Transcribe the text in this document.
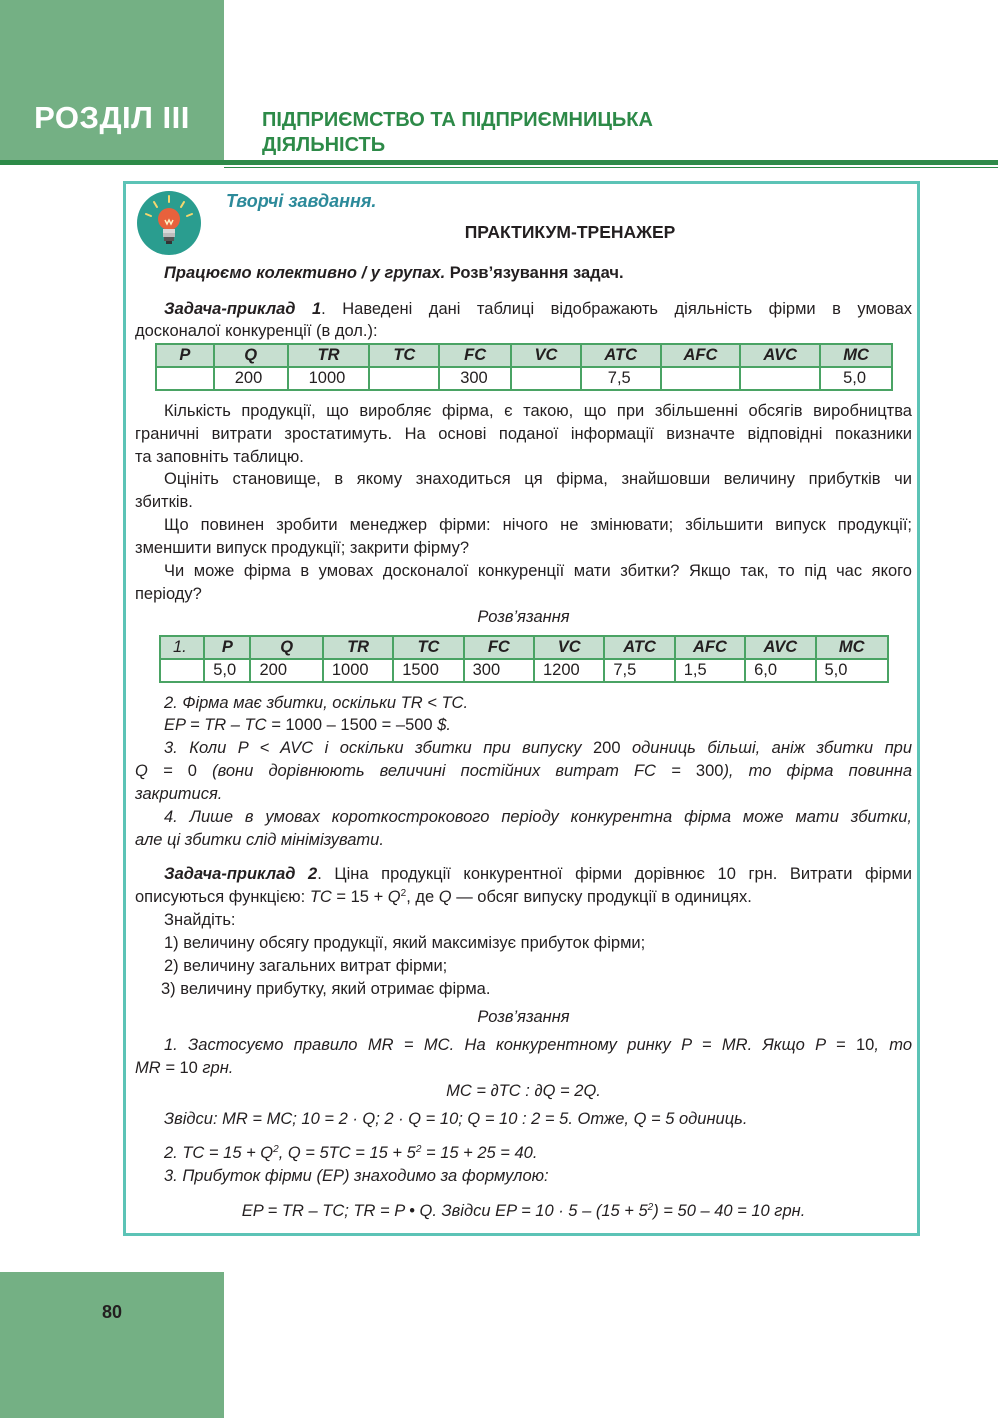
РОЗДІЛ III	ПІДПРИЄМСТВО ТА ПІДПРИЄМНИЦЬКА
ДІЯЛЬНІСТЬ
Творчі завдання.
ПРАКТИКУМ-ТРЕНАЖЕР

Працюємо колективно / у групах. Розв’язування задач.

Задача-приклад 1. Наведені дані таблиці відображають діяльність фірми в умовах

досконалої конкуренції (в дол.):

P	Q	TR	TC	FC	VC	ATC	AFC	AVC	MC
	200	1000		300		7,5			5,0

Кількість продукції, що виробляє фірма, є такою, що при збільшенні обсягів виробництва

граничні витрати зростатимуть. На основі поданої інформації визначте відповідні показники

та заповніть таблицю.

Оцініть становище, в якому знаходиться ця фірма, знайшовши величину прибутків чи

збитків.

Що повинен зробити менеджер фірми: нічого не змінювати; збільшити випуск продукції;

зменшити випуск продукції; закрити фірму?

Чи може фірма в умовах досконалої конкуренції мати збитки? Якщо так, то під час якого

періоду?

Розв’язання

1.	P	Q	TR	TC	FC	VC	ATC	AFC	AVC	MC
	5,0	200	1000	1500	300	1200	7,5	1,5	6,0	5,0

2. Фірма має збитки, оскільки TR < TC.

EP = TR – TC = 1000 – 1500 = –500 $.

3. Коли P < AVC і оскільки збитки при випуску 200 одиниць більші, аніж збитки при

Q = 0 (вони дорівнюють величині постійних витрат FC = 300), то фірма повинна

закритися.

4. Лише в умовах короткострокового періоду конкурентна фірма може мати збитки,

але ці збитки слід мінімізувати.

Задача-приклад 2. Ціна продукції конкурентної фірми дорівнює 10 грн. Витрати фірми

описуються функцією: TC = $15 + Q^2$, де Q — обсяг випуску продукції в одиницях.

Знайдіть:

1) величину обсягу продукції, який максимізує прибуток фірми;

2) величину загальних витрат фірми;

3) величину прибутку, який отримає фірма.

Розв’язання

1. Застосуємо правило MR = MC. На конкурентному ринку P = MR. Якщо P = 10, то

MR = 10 грн.

MC = ∂TC : ∂Q = 2Q.

Звідси: MR = MC; 10 = 2 · Q; 2 · Q = 10; Q = 10 : 2 = 5. Отже, Q = 5 одиниць.

2. TC = $15 + Q^2$, $Q = 5TC = 15 + 5^2 = 15 + 25 = 40$.

3. Прибуток фірми (EP) знаходимо за формулою:

EP = TR – TC; TR = P • Q. Звідси EP = $10 \cdot 5 - (15 + 5^2) = 50 - 40 = 10$ грн.

80
